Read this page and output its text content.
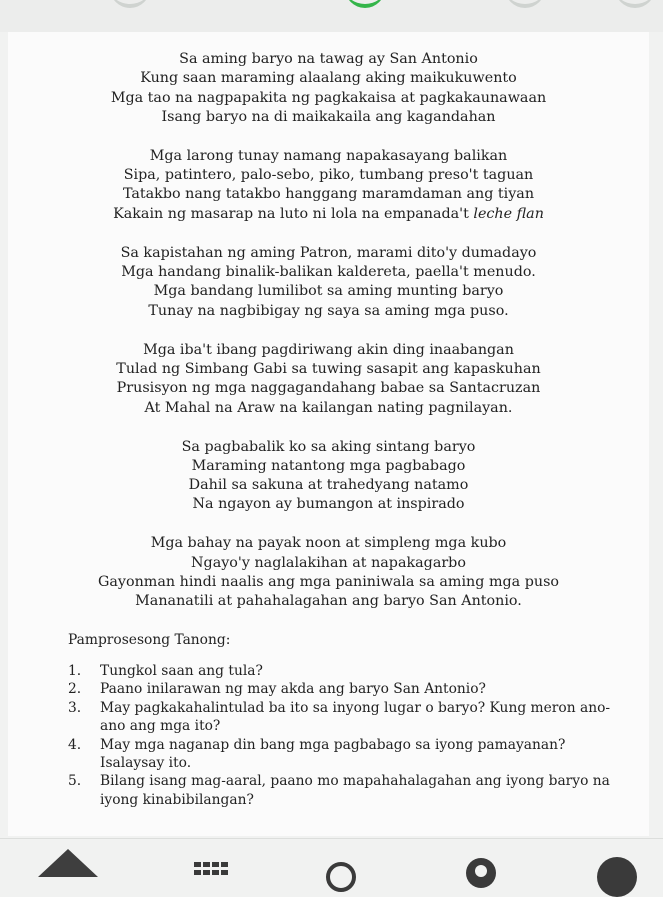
Sa aming baryo na tawag ay San Antonio
Kung saan maraming alaalang aking maikukuwento
Mga tao na nagpapakita ng pagkakaisa at pagkakaunawaan
Isang baryo na di maikakaila ang kagandahan
Mga larong tunay namang napakasayang balikan
Sipa, patintero, palo-sebo, piko, tumbang preso't taguan
Tatakbo nang tatakbo hanggang maramdaman ang tiyan
Kakain ng masarap na luto ni lola na empanada't leche flan
Sa kapistahan ng aming Patron, marami dito'y dumadayo
Mga handang binalik-balikan kaldereta, paella't menudo.
Mga bandang lumilibot sa aming munting baryo
Tunay na nagbibigay ng saya sa aming mga puso.
Mga iba't ibang pagdiriwang akin ding inaabangan
Tulad ng Simbang Gabi sa tuwing sasapit ang kapaskuhan
Prusisyon ng mga naggagandahang babae sa Santacruzan
At Mahal na Araw na kailangan nating pagnilayan.
Sa pagbabalik ko sa aking sintang baryo
Maraming natantong mga pagbabago
Dahil sa sakuna at trahedyang natamo
Na ngayon ay bumangon at inspirado
Mga bahay na payak noon at simpleng mga kubo
Ngayo'y naglalakihan at napakagarbo
Gayonman hindi naalis ang mga paniniwala sa aming mga puso
Mananatili at pahahalagahan ang baryo San Antonio.

Pamprosesong Tanong:

1. Tungkol saan ang tula?
2. Paano inilarawan ng may akda ang baryo San Antonio?
3. May pagkakahalintulad ba ito sa inyong lugar o baryo? Kung meron ano-ano ang mga ito?
4. May mga naganap din bang mga pagbabago sa iyong pamayanan? Isalaysay ito.
5. Bilang isang mag-aaral, paano mo mapahahalagahan ang iyong baryo na iyong kinabibilangan?
